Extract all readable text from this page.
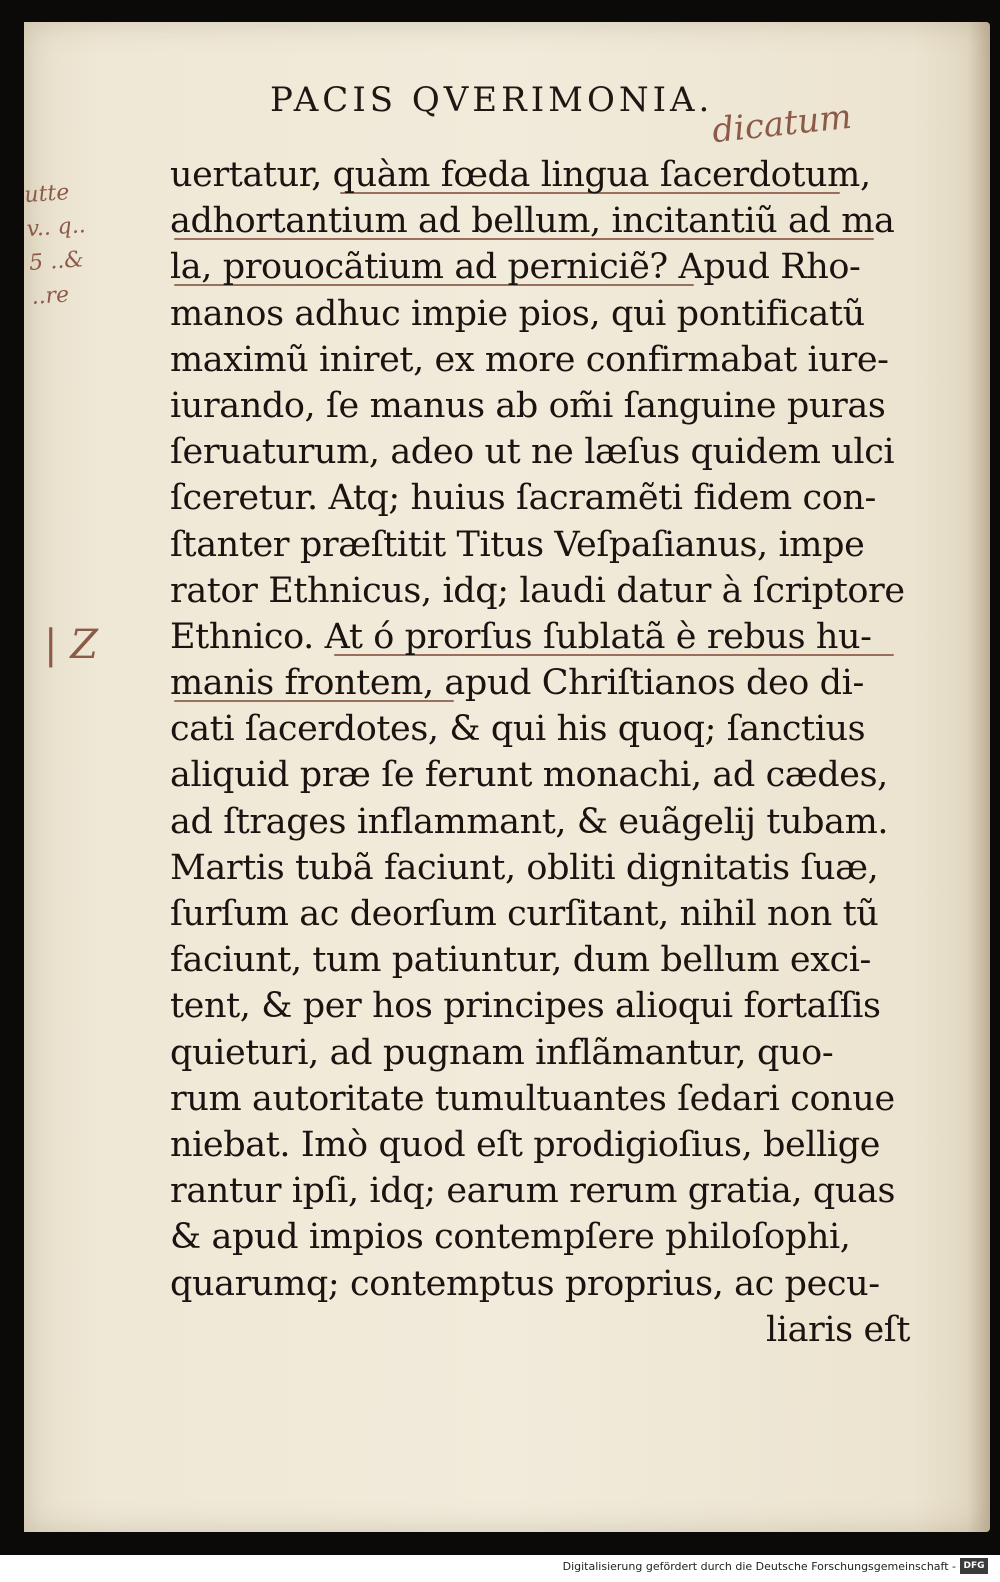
PACIS QVERIMONIA.
dicatum
utte
v.. q..
5 ..&
..re
| Z
uertatur, quàm fœda lingua ſacerdotum,
adhortantium ad bellum, incitantiũ ad ma
la, prouocãtium ad perniciẽ? Apud Rho-
manos adhuc impie pios, qui pontificatũ
maximũ iniret, ex more confirmabat iure-
iurando, ſe manus ab om̃i ſanguine puras
ſeruaturum, adeo ut ne læſus quidem ulci
ſceretur. Atq; huius ſacramẽti fidem con-
ſtanter præſtitit Titus Veſpaſianus, impe
rator Ethnicus, idq; laudi datur à ſcriptore
Ethnico. At ó prorſus ſublatã è rebus hu-
manis frontem, apud Chriſtianos deo di-
cati ſacerdotes, & qui his quoq; ſanctius
aliquid præ ſe ferunt monachi, ad cædes,
ad ſtrages inflammant, & euãgelij tubam.
Martis tubã faciunt, obliti dignitatis ſuæ,
ſurſum ac deorſum curſitant, nihil non tũ
faciunt, tum patiuntur, dum bellum exci-
tent, & per hos principes alioqui fortaſſis
quieturi, ad pugnam inflãmantur, quo-
rum autoritate tumultuantes ſedari conue
niebat. Imò quod eſt prodigioſius, bellige
rantur ipſi, idq; earum rerum gratia, quas
& apud impios contempſere philoſophi,
quarumq; contemptus proprius, ac pecu-
liaris eſt
Digitalisierung gefördert durch die Deutsche Forschungsgemeinschaft - DFG
